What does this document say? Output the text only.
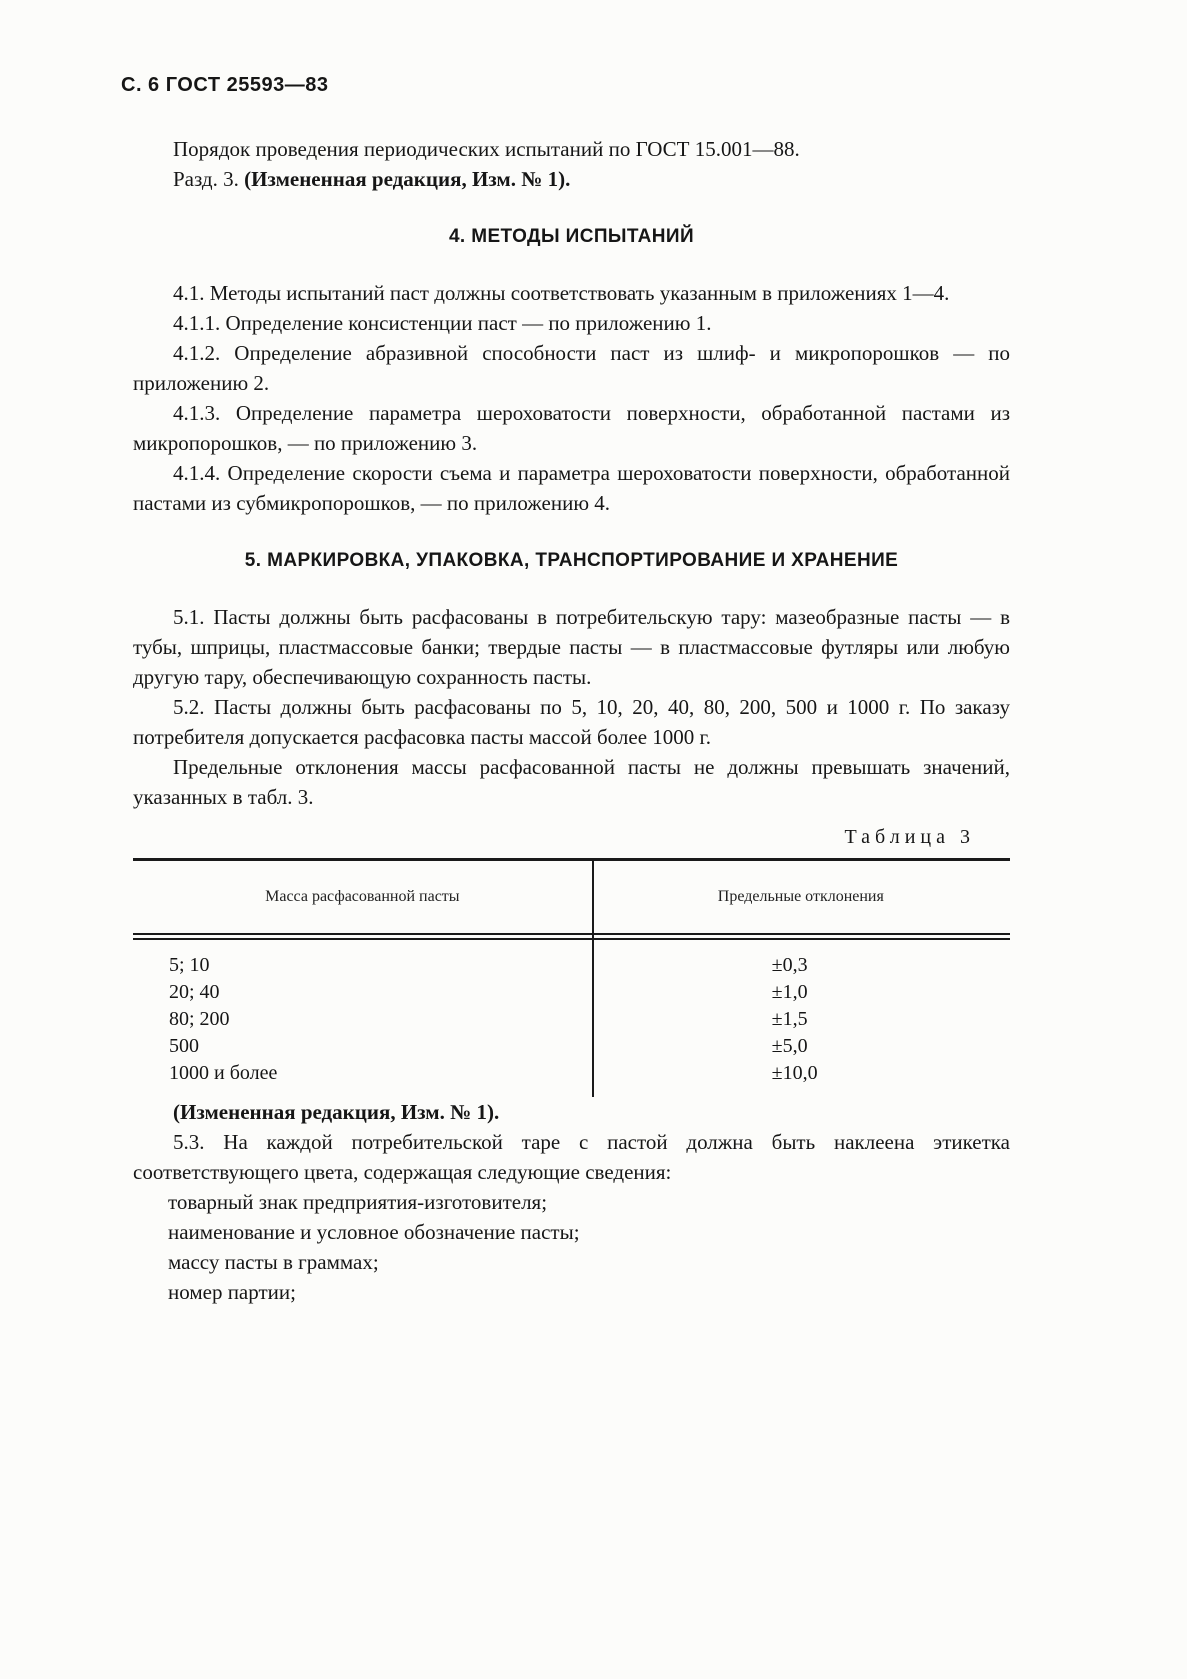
С. 6 ГОСТ 25593—83

Порядок проведения периодических испытаний по ГОСТ 15.001—88.

Разд. 3. (Измененная редакция, Изм. № 1).

4. МЕТОДЫ ИСПЫТАНИЙ

4.1. Методы испытаний паст должны соответствовать указанным в приложениях 1—4.

4.1.1. Определение консистенции паст — по приложению 1.

4.1.2. Определение абразивной способности паст из шлиф- и микропорошков — по приложению 2.

4.1.3. Определение параметра шероховатости поверхности, обработанной пастами из микропорошков, — по приложению 3.

4.1.4. Определение скорости съема и параметра шероховатости поверхности, обработанной пастами из субмикропорошков, — по приложению 4.

5. МАРКИРОВКА, УПАКОВКА, ТРАНСПОРТИРОВАНИЕ И ХРАНЕНИЕ

5.1. Пасты должны быть расфасованы в потребительскую тару: мазеобразные пасты — в тубы, шприцы, пластмассовые банки; твердые пасты — в пластмассовые футляры или любую другую тару, обеспечивающую сохранность пасты.

5.2. Пасты должны быть расфасованы по 5, 10, 20, 40, 80, 200, 500 и 1000 г. По заказу потребителя допускается расфасовка пасты массой более 1000 г.

Предельные отклонения массы расфасованной пасты не должны превышать значений, указанных в табл. 3.

Таблица 3
Масса расфасованной пасты	Предельные отклонения
5; 10	±0,3
20; 40	±1,0
80; 200	±1,5
500	±5,0
1000 и более	±10,0

(Измененная редакция, Изм. № 1).

5.3. На каждой потребительской таре с пастой должна быть наклеена этикетка соответствующего цвета, содержащая следующие сведения:

товарный знак предприятия-изготовителя;

наименование и условное обозначение пасты;

массу пасты в граммах;

номер партии;
